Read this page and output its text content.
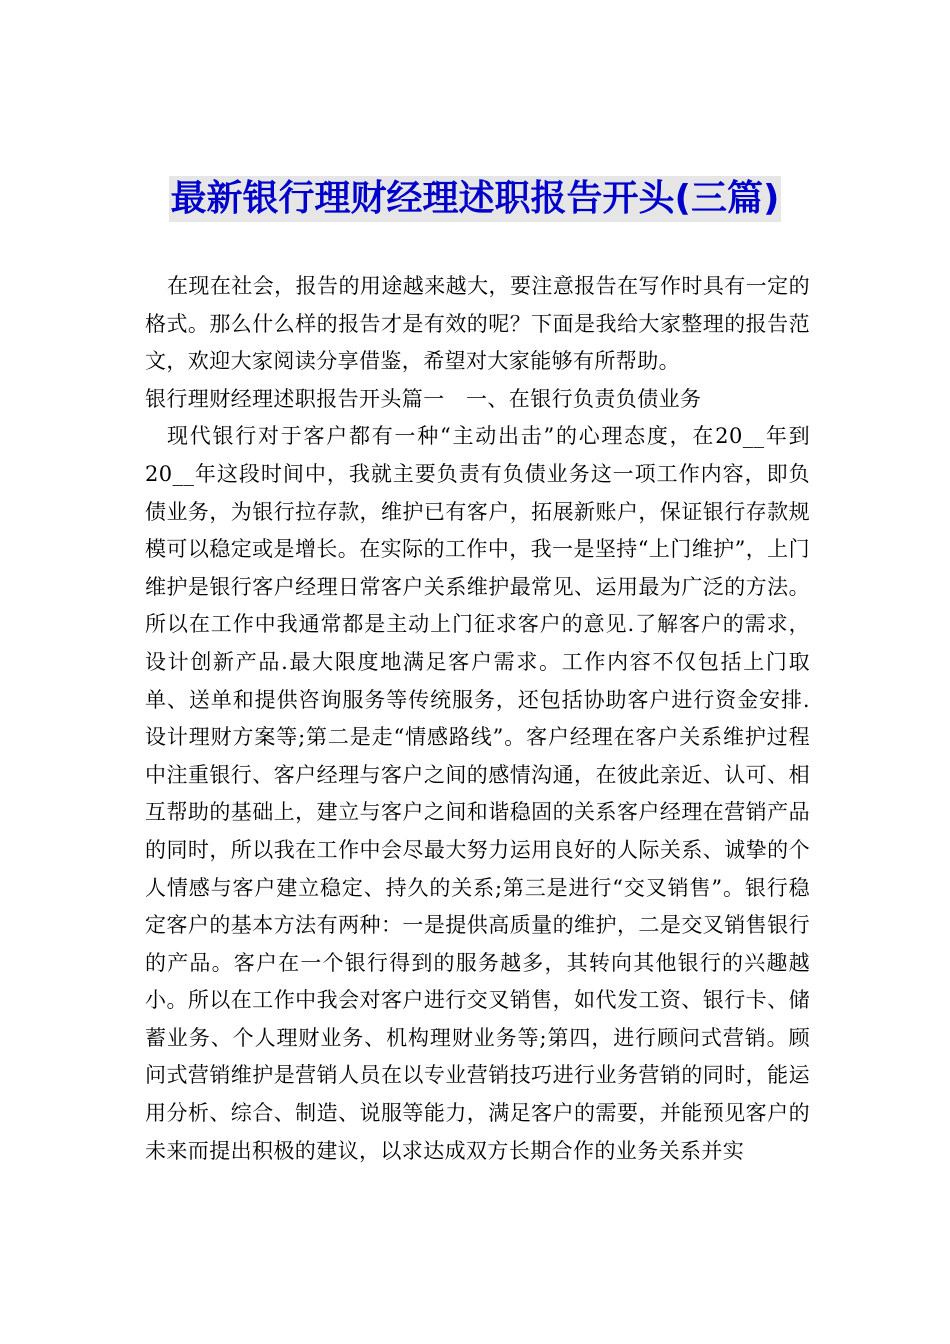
最新银行理财经理述职报告开头(三篇)

在现在社会，报告的用途越来越大，要注意报告在写作时具有一定的格式。那么什么样的报告才是有效的呢？下面是我给大家整理的报告范文，欢迎大家阅读分享借鉴，希望对大家能够有所帮助。

银行理财经理述职报告开头篇一　一、在银行负责负债业务

现代银行对于客户都有一种“主动出击”的心理态度，在20__年到20__年这段时间中，我就主要负责有负债业务这一项工作内容，即负债业务，为银行拉存款，维护已有客户，拓展新账户，保证银行存款规模可以稳定或是增长。在实际的工作中，我一是坚持“上门维护”，上门维护是银行客户经理日常客户关系维护最常见、运用最为广泛的方法。所以在工作中我通常都是主动上门征求客户的意见.了解客户的需求，设计创新产品.最大限度地满足客户需求。工作内容不仅包括上门取单、送单和提供咨询服务等传统服务，还包括协助客户进行资金安排.设计理财方案等;第二是走“情感路线”。客户经理在客户关系维护过程中注重银行、客户经理与客户之间的感情沟通，在彼此亲近、认可、相互帮助的基础上，建立与客户之间和谐稳固的关系客户经理在营销产品的同时，所以我在工作中会尽最大努力运用良好的人际关系、诚挚的个人情感与客户建立稳定、持久的关系;第三是进行“交叉销售”。银行稳定客户的基本方法有两种：一是提供高质量的维护，二是交叉销售银行的产品。客户在一个银行得到的服务越多，其转向其他银行的兴趣越小。所以在工作中我会对客户进行交叉销售，如代发工资、银行卡、储蓄业务、个人理财业务、机构理财业务等;第四，进行顾问式营销。顾问式营销维护是营销人员在以专业营销技巧进行业务营销的同时，能运用分析、综合、制造、说服等能力，满足客户的需要，并能预见客户的未来而提出积极的建议，以求达成双方长期合作的业务关系并实
